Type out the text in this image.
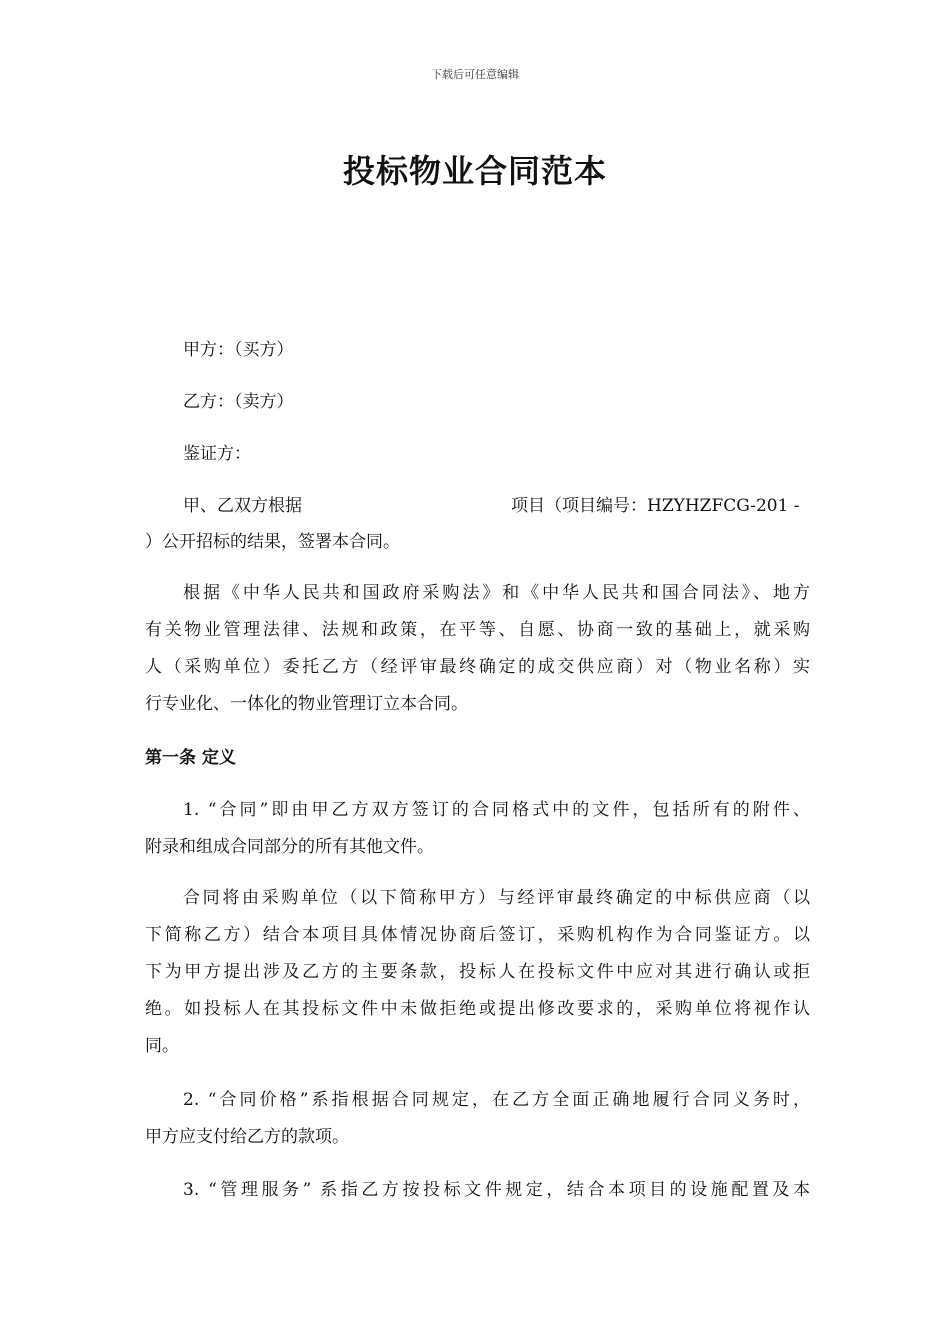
下载后可任意编辑
投标物业合同范本
甲方：（买方）
乙方：（卖方）
鉴证方：
甲、乙双方根据	项目（项目编号：HZYHZFCG-201 -
）公开招标的结果，签署本合同。
根据《中华人民共和国政府采购法》和《中华人民共和国合同法》、地方
有关物业管理法律、法规和政策，在平等、自愿、协商一致的基础上，就采购
人（采购单位）委托乙方（经评审最终确定的成交供应商）对（物业名称）实
行专业化、一体化的物业管理订立本合同。
第一条 定义
1. “合同”即由甲乙方双方签订的合同格式中的文件，包括所有的附件、
附录和组成合同部分的所有其他文件。
合同将由采购单位（以下简称甲方）与经评审最终确定的中标供应商（以
下简称乙方）结合本项目具体情况协商后签订，采购机构作为合同鉴证方。以
下为甲方提出涉及乙方的主要条款，投标人在投标文件中应对其进行确认或拒
绝。如投标人在其投标文件中未做拒绝或提出修改要求的，采购单位将视作认
同。
2. “合同价格”系指根据合同规定，在乙方全面正确地履行合同义务时，
甲方应支付给乙方的款项。
3. “管理服务” 系指乙方按投标文件规定，结合本项目的设施配置及本
